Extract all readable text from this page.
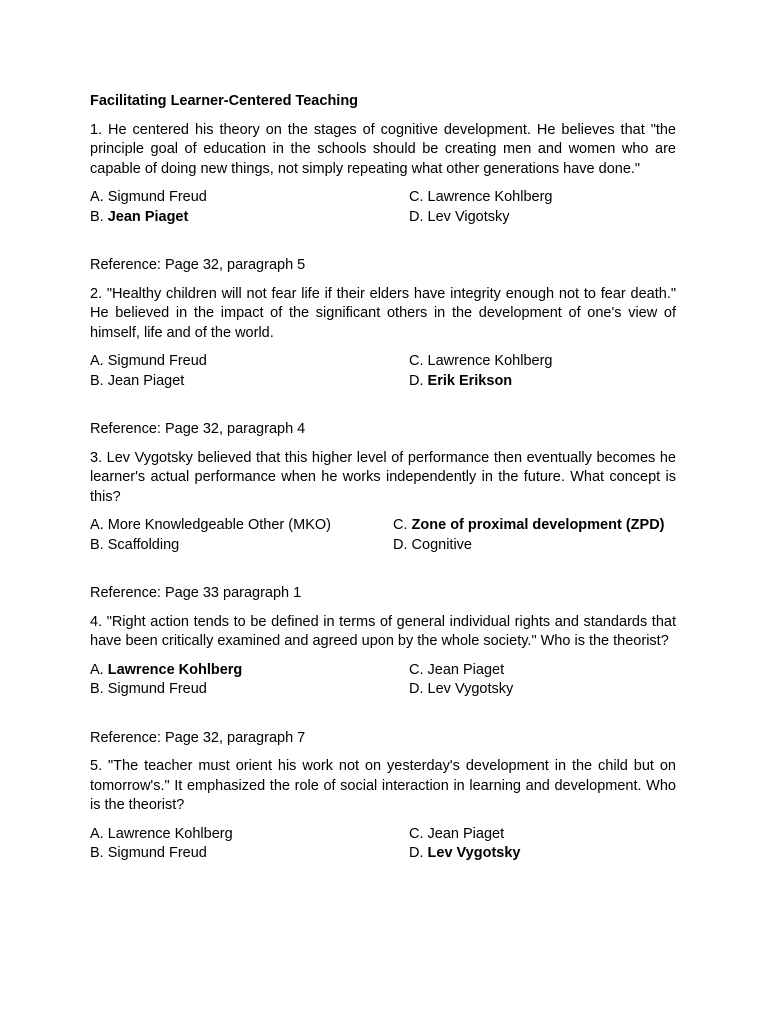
Facilitating Learner-Centered Teaching
1. He centered his theory on the stages of cognitive development. He believes that "the principle goal of education in the schools should be creating men and women who are capable of doing new things, not simply repeating what other generations have done."
A. Sigmund Freud	C. Lawrence Kohlberg
B. Jean Piaget	D. Lev Vigotsky
Reference: Page 32, paragraph 5
2. "Healthy children will not fear life if their elders have integrity enough not to fear death." He believed in the impact of the significant others in the development of one's view of himself, life and of the world.
A. Sigmund Freud	C. Lawrence Kohlberg
B. Jean Piaget	D. Erik Erikson
Reference: Page 32, paragraph 4
3. Lev Vygotsky believed that this higher level of performance then eventually becomes he learner's actual performance when he works independently in the future. What concept is this?
A. More Knowledgeable Other (MKO)	C. Zone of proximal development (ZPD)
B. Scaffolding	D. Cognitive
Reference: Page 33 paragraph 1
4. "Right action tends to be defined in terms of general individual rights and standards that have been critically examined and agreed upon by the whole society." Who is the theorist?
A. Lawrence Kohlberg	C. Jean Piaget
B. Sigmund Freud	D. Lev Vygotsky
Reference: Page 32, paragraph 7
5. "The teacher must orient his work not on yesterday's development in the child but on tomorrow's." It emphasized the role of social interaction in learning and development. Who is the theorist?
A. Lawrence Kohlberg	C. Jean Piaget
B. Sigmund Freud	D. Lev Vygotsky
